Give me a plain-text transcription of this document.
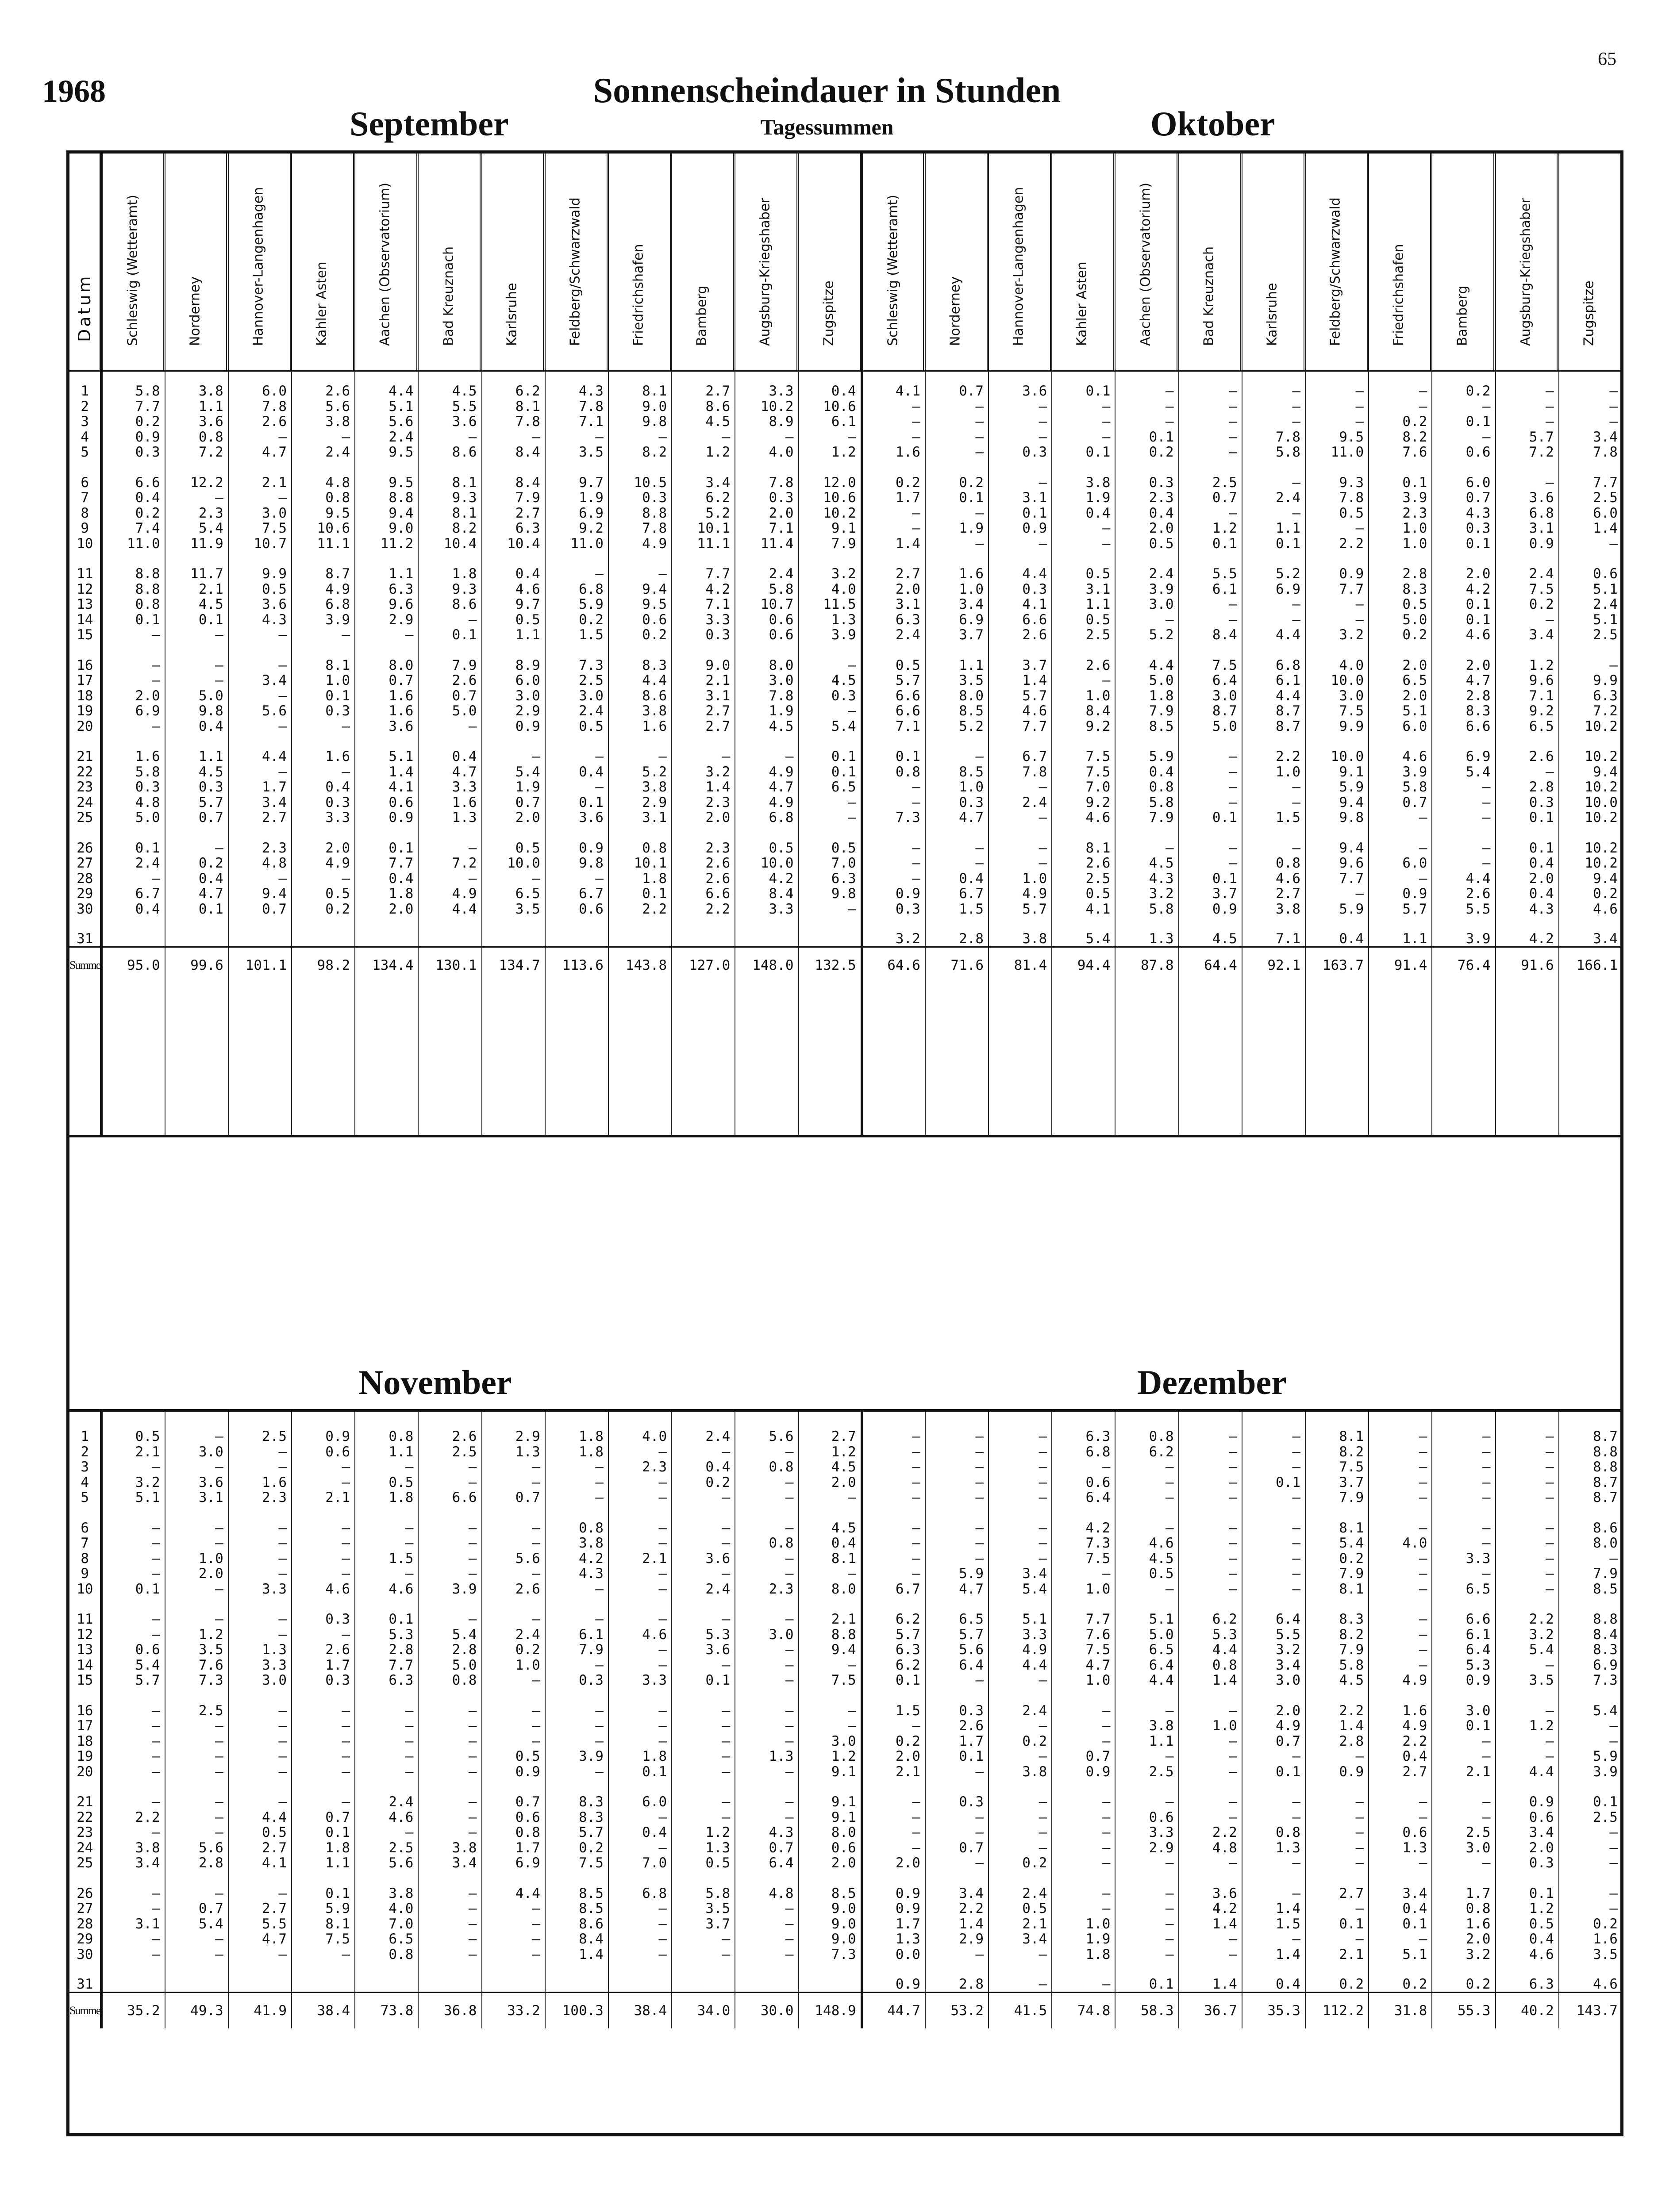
1968
65
Sonnenscheindauer in Stunden
Tagessummen
Datum Schleswig (Wetteramt)	Norderney	Hannover-Langenhagen	Kahler Asten	Aachen (Observatorium)	Bad Kreuznach	Karlsruhe	Feldberg/Schwarzwald	Friedrichshafen	Bamberg	Augsburg-Kriegshaber	Zugspitze	Schleswig (Wetteramt)	Norderney	Hannover-Langenhagen	Kahler Asten	Aachen (Observatorium)	Bad Kreuznach	Karlsruhe	Feldberg/Schwarzwald	Friedrichshafen	Bamberg	Augsburg-Kriegshaber	Zugspitze
September	Oktober
November	Dezember
1	5.8	3.8	6.0	2.6	4.4	4.5	6.2	4.3	8.1	2.7	3.3	0.4	4.1	0.7	3.6	0.1	–	–	–	–	–	0.2	–	–
2	7.7	1.1	7.8	5.6	5.1	5.5	8.1	7.8	9.0	8.6	10.2	10.6	–	–	–	–	–	–	–	–	–	–	–	–
3	0.2	3.6	2.6	3.8	5.6	3.6	7.8	7.1	9.8	4.5	8.9	6.1	–	–	–	–	–	–	–	–	0.2	0.1	–	–
4	0.9	0.8	–	–	2.4	–	–	–	–	–	–	–	–	–	–	–	0.1	–	7.8	9.5	8.2	–	5.7	3.4
5	0.3	7.2	4.7	2.4	9.5	8.6	8.4	3.5	8.2	1.2	4.0	1.2	1.6	–	0.3	0.1	0.2	–	5.8	11.0	7.6	0.6	7.2	7.8
6	6.6	12.2	2.1	4.8	9.5	8.1	8.4	9.7	10.5	3.4	7.8	12.0	0.2	0.2	–	3.8	0.3	2.5	–	9.3	0.1	6.0	–	7.7
7	0.4	–	–	0.8	8.8	9.3	7.9	1.9	0.3	6.2	0.3	10.6	1.7	0.1	3.1	1.9	2.3	0.7	2.4	7.8	3.9	0.7	3.6	2.5
8	0.2	2.3	3.0	9.5	9.4	8.1	2.7	6.9	8.8	5.2	2.0	10.2	–	–	0.1	0.4	0.4	–	–	0.5	2.3	4.3	6.8	6.0
9	7.4	5.4	7.5	10.6	9.0	8.2	6.3	9.2	7.8	10.1	7.1	9.1	–	1.9	0.9	–	2.0	1.2	1.1	–	1.0	0.3	3.1	1.4
10	11.0	11.9	10.7	11.1	11.2	10.4	10.4	11.0	4.9	11.1	11.4	7.9	1.4	–	–	–	0.5	0.1	0.1	2.2	1.0	0.1	0.9	–
11	8.8	11.7	9.9	8.7	1.1	1.8	0.4	–	–	7.7	2.4	3.2	2.7	1.6	4.4	0.5	2.4	5.5	5.2	0.9	2.8	2.0	2.4	0.6
12	8.8	2.1	0.5	4.9	6.3	9.3	4.6	6.8	9.4	4.2	5.8	4.0	2.0	1.0	0.3	3.1	3.9	6.1	6.9	7.7	8.3	4.2	7.5	5.1
13	0.8	4.5	3.6	6.8	9.6	8.6	9.7	5.9	9.5	7.1	10.7	11.5	3.1	3.4	4.1	1.1	3.0	–	–	–	0.5	0.1	0.2	2.4
14	0.1	0.1	4.3	3.9	2.9	–	0.5	0.2	0.6	3.3	0.6	1.3	6.3	6.9	6.6	0.5	–	–	–	–	5.0	0.1	–	5.1
15	–	–	–	–	–	0.1	1.1	1.5	0.2	0.3	0.6	3.9	2.4	3.7	2.6	2.5	5.2	8.4	4.4	3.2	0.2	4.6	3.4	2.5
16	–	–	–	8.1	8.0	7.9	8.9	7.3	8.3	9.0	8.0	–	0.5	1.1	3.7	2.6	4.4	7.5	6.8	4.0	2.0	2.0	1.2	–
17	–	–	3.4	1.0	0.7	2.6	6.0	2.5	4.4	2.1	3.0	4.5	5.7	3.5	1.4	–	5.0	6.4	6.1	10.0	6.5	4.7	9.6	9.9
18	2.0	5.0	–	0.1	1.6	0.7	3.0	3.0	8.6	3.1	7.8	0.3	6.6	8.0	5.7	1.0	1.8	3.0	4.4	3.0	2.0	2.8	7.1	6.3
19	6.9	9.8	5.6	0.3	1.6	5.0	2.9	2.4	3.8	2.7	1.9	–	6.6	8.5	4.6	8.4	7.9	8.7	8.7	7.5	5.1	8.3	9.2	7.2
20	–	0.4	–	–	3.6	–	0.9	0.5	1.6	2.7	4.5	5.4	7.1	5.2	7.7	9.2	8.5	5.0	8.7	9.9	6.0	6.6	6.5	10.2
21	1.6	1.1	4.4	1.6	5.1	0.4	–	–	–	–	–	0.1	0.1	–	6.7	7.5	5.9	–	2.2	10.0	4.6	6.9	2.6	10.2
22	5.8	4.5	–	–	1.4	4.7	5.4	0.4	5.2	3.2	4.9	0.1	0.8	8.5	7.8	7.5	0.4	–	1.0	9.1	3.9	5.4	–	9.4
23	0.3	0.3	1.7	0.4	4.1	3.3	1.9	–	3.8	1.4	4.7	6.5	–	1.0	–	7.0	0.8	–	–	5.9	5.8	–	2.8	10.2
24	4.8	5.7	3.4	0.3	0.6	1.6	0.7	0.1	2.9	2.3	4.9	–	–	0.3	2.4	9.2	5.8	–	–	9.4	0.7	–	0.3	10.0
25	5.0	0.7	2.7	3.3	0.9	1.3	2.0	3.6	3.1	2.0	6.8	–	7.3	4.7	–	4.6	7.9	0.1	1.5	9.8	–	–	0.1	10.2
26	0.1	–	2.3	2.0	0.1	–	0.5	0.9	0.8	2.3	0.5	0.5	–	–	–	8.1	–	–	–	9.4	–	–	0.1	10.2
27	2.4	0.2	4.8	4.9	7.7	7.2	10.0	9.8	10.1	2.6	10.0	7.0	–	–	–	2.6	4.5	–	0.8	9.6	6.0	–	0.4	10.2
28	–	0.4	–	–	0.4	–	–	–	1.8	2.6	4.2	6.3	–	0.4	1.0	2.5	4.3	0.1	4.6	7.7	–	4.4	2.0	9.4
29	6.7	4.7	9.4	0.5	1.8	4.9	6.5	6.7	0.1	6.6	8.4	9.8	0.9	6.7	4.9	0.5	3.2	3.7	2.7	–	0.9	2.6	0.4	0.2
30	0.4	0.1	0.7	0.2	2.0	4.4	3.5	0.6	2.2	2.2	3.3	–	0.3	1.5	5.7	4.1	5.8	0.9	3.8	5.9	5.7	5.5	4.3	4.6
31													3.2	2.8	3.8	5.4	1.3	4.5	7.1	0.4	1.1	3.9	4.2	3.4
Summe	95.0	99.6	101.1	98.2	134.4	130.1	134.7	113.6	143.8	127.0	148.0	132.5	64.6	71.6	81.4	94.4	87.8	64.4	92.1	163.7	91.4	76.4	91.6	166.1

1	0.5	–	2.5	0.9	0.8	2.6	2.9	1.8	4.0	2.4	5.6	2.7	–	–	–	6.3	0.8	–	–	8.1	–	–	–	8.7
2	2.1	3.0	–	0.6	1.1	2.5	1.3	1.8	–	–	–	1.2	–	–	–	6.8	6.2	–	–	8.2	–	–	–	8.8
3	–	–	–	–	–	–	–	–	2.3	0.4	0.8	4.5	–	–	–	–	–	–	–	7.5	–	–	–	8.8
4	3.2	3.6	1.6	–	0.5	–	–	–	–	0.2	–	2.0	–	–	–	0.6	–	–	0.1	3.7	–	–	–	8.7
5	5.1	3.1	2.3	2.1	1.8	6.6	0.7	–	–	–	–	–	–	–	–	6.4	–	–	–	7.9	–	–	–	8.7
6	–	–	–	–	–	–	–	0.8	–	–	–	4.5	–	–	–	4.2	–	–	–	8.1	–	–	–	8.6
7	–	–	–	–	–	–	–	3.8	–	–	0.8	0.4	–	–	–	7.3	4.6	–	–	5.4	4.0	–	–	8.0
8	–	1.0	–	–	1.5	–	5.6	4.2	2.1	3.6	–	8.1	–	–	–	7.5	4.5	–	–	0.2	–	3.3	–	–
9	–	2.0	–	–	–	–	–	4.3	–	–	–	–	–	5.9	3.4	–	0.5	–	–	7.9	–	–	–	7.9
10	0.1	–	3.3	4.6	4.6	3.9	2.6	–	–	2.4	2.3	8.0	6.7	4.7	5.4	1.0	–	–	–	8.1	–	6.5	–	8.5
11	–	–	–	0.3	0.1	–	–	–	–	–	–	2.1	6.2	6.5	5.1	7.7	5.1	6.2	6.4	8.3	–	6.6	2.2	8.8
12	–	1.2	–	–	5.3	5.4	2.4	6.1	4.6	5.3	3.0	8.8	5.7	5.7	3.3	7.6	5.0	5.3	5.5	8.2	–	6.1	3.2	8.4
13	0.6	3.5	1.3	2.6	2.8	2.8	0.2	7.9	–	3.6	–	9.4	6.3	5.6	4.9	7.5	6.5	4.4	3.2	7.9	–	6.4	5.4	8.3
14	5.4	7.6	3.3	1.7	7.7	5.0	1.0	–	–	–	–	–	6.2	6.4	4.4	4.7	6.4	0.8	3.4	5.8	–	5.3	–	6.9
15	5.7	7.3	3.0	0.3	6.3	0.8	–	0.3	3.3	0.1	–	7.5	0.1	–	–	1.0	4.4	1.4	3.0	4.5	4.9	0.9	3.5	7.3
16	–	2.5	–	–	–	–	–	–	–	–	–	–	1.5	0.3	2.4	–	–	–	2.0	2.2	1.6	3.0	–	5.4
17	–	–	–	–	–	–	–	–	–	–	–	–	–	2.6	–	–	3.8	1.0	4.9	1.4	4.9	0.1	1.2	–
18	–	–	–	–	–	–	–	–	–	–	–	3.0	0.2	1.7	0.2	–	1.1	–	0.7	2.8	2.2	–	–	–
19	–	–	–	–	–	–	0.5	3.9	1.8	–	1.3	1.2	2.0	0.1	–	0.7	–	–	–	–	0.4	–	–	5.9
20	–	–	–	–	–	–	0.9	–	0.1	–	–	9.1	2.1	–	3.8	0.9	2.5	–	0.1	0.9	2.7	2.1	4.4	3.9
21	–	–	–	–	2.4	–	0.7	8.3	6.0	–	–	9.1	–	0.3	–	–	–	–	–	–	–	–	0.9	0.1
22	2.2	–	4.4	0.7	4.6	–	0.6	8.3	–	–	–	9.1	–	–	–	–	0.6	–	–	–	–	–	0.6	2.5
23	–	–	0.5	0.1	–	–	0.8	5.7	0.4	1.2	4.3	8.0	–	–	–	–	3.3	2.2	0.8	–	0.6	2.5	3.4	–
24	3.8	5.6	2.7	1.8	2.5	3.8	1.7	0.2	–	1.3	0.7	0.6	–	0.7	–	–	2.9	4.8	1.3	–	1.3	3.0	2.0	–
25	3.4	2.8	4.1	1.1	5.6	3.4	6.9	7.5	7.0	0.5	6.4	2.0	2.0	–	0.2	–	–	–	–	–	–	–	0.3	–
26	–	–	–	0.1	3.8	–	4.4	8.5	6.8	5.8	4.8	8.5	0.9	3.4	2.4	–	–	3.6	–	2.7	3.4	1.7	0.1	–
27	–	0.7	2.7	5.9	4.0	–	–	8.5	–	3.5	–	9.0	0.9	2.2	0.5	–	–	4.2	1.4	–	0.4	0.8	1.2	–
28	3.1	5.4	5.5	8.1	7.0	–	–	8.6	–	3.7	–	9.0	1.7	1.4	2.1	1.0	–	1.4	1.5	0.1	0.1	1.6	0.5	0.2
29	–	–	4.7	7.5	6.5	–	–	8.4	–	–	–	9.0	1.3	2.9	3.4	1.9	–	–	–	–	–	2.0	0.4	1.6
30	–	–	–	–	0.8	–	–	1.4	–	–	–	7.3	0.0	–	–	1.8	–	–	1.4	2.1	5.1	3.2	4.6	3.5
31													0.9	2.8	–	–	0.1	1.4	0.4	0.2	0.2	0.2	6.3	4.6
Summe	35.2	49.3	41.9	38.4	73.8	36.8	33.2	100.3	38.4	34.0	30.0	148.9	44.7	53.2	41.5	74.8	58.3	36.7	35.3	112.2	31.8	55.3	40.2	143.7
